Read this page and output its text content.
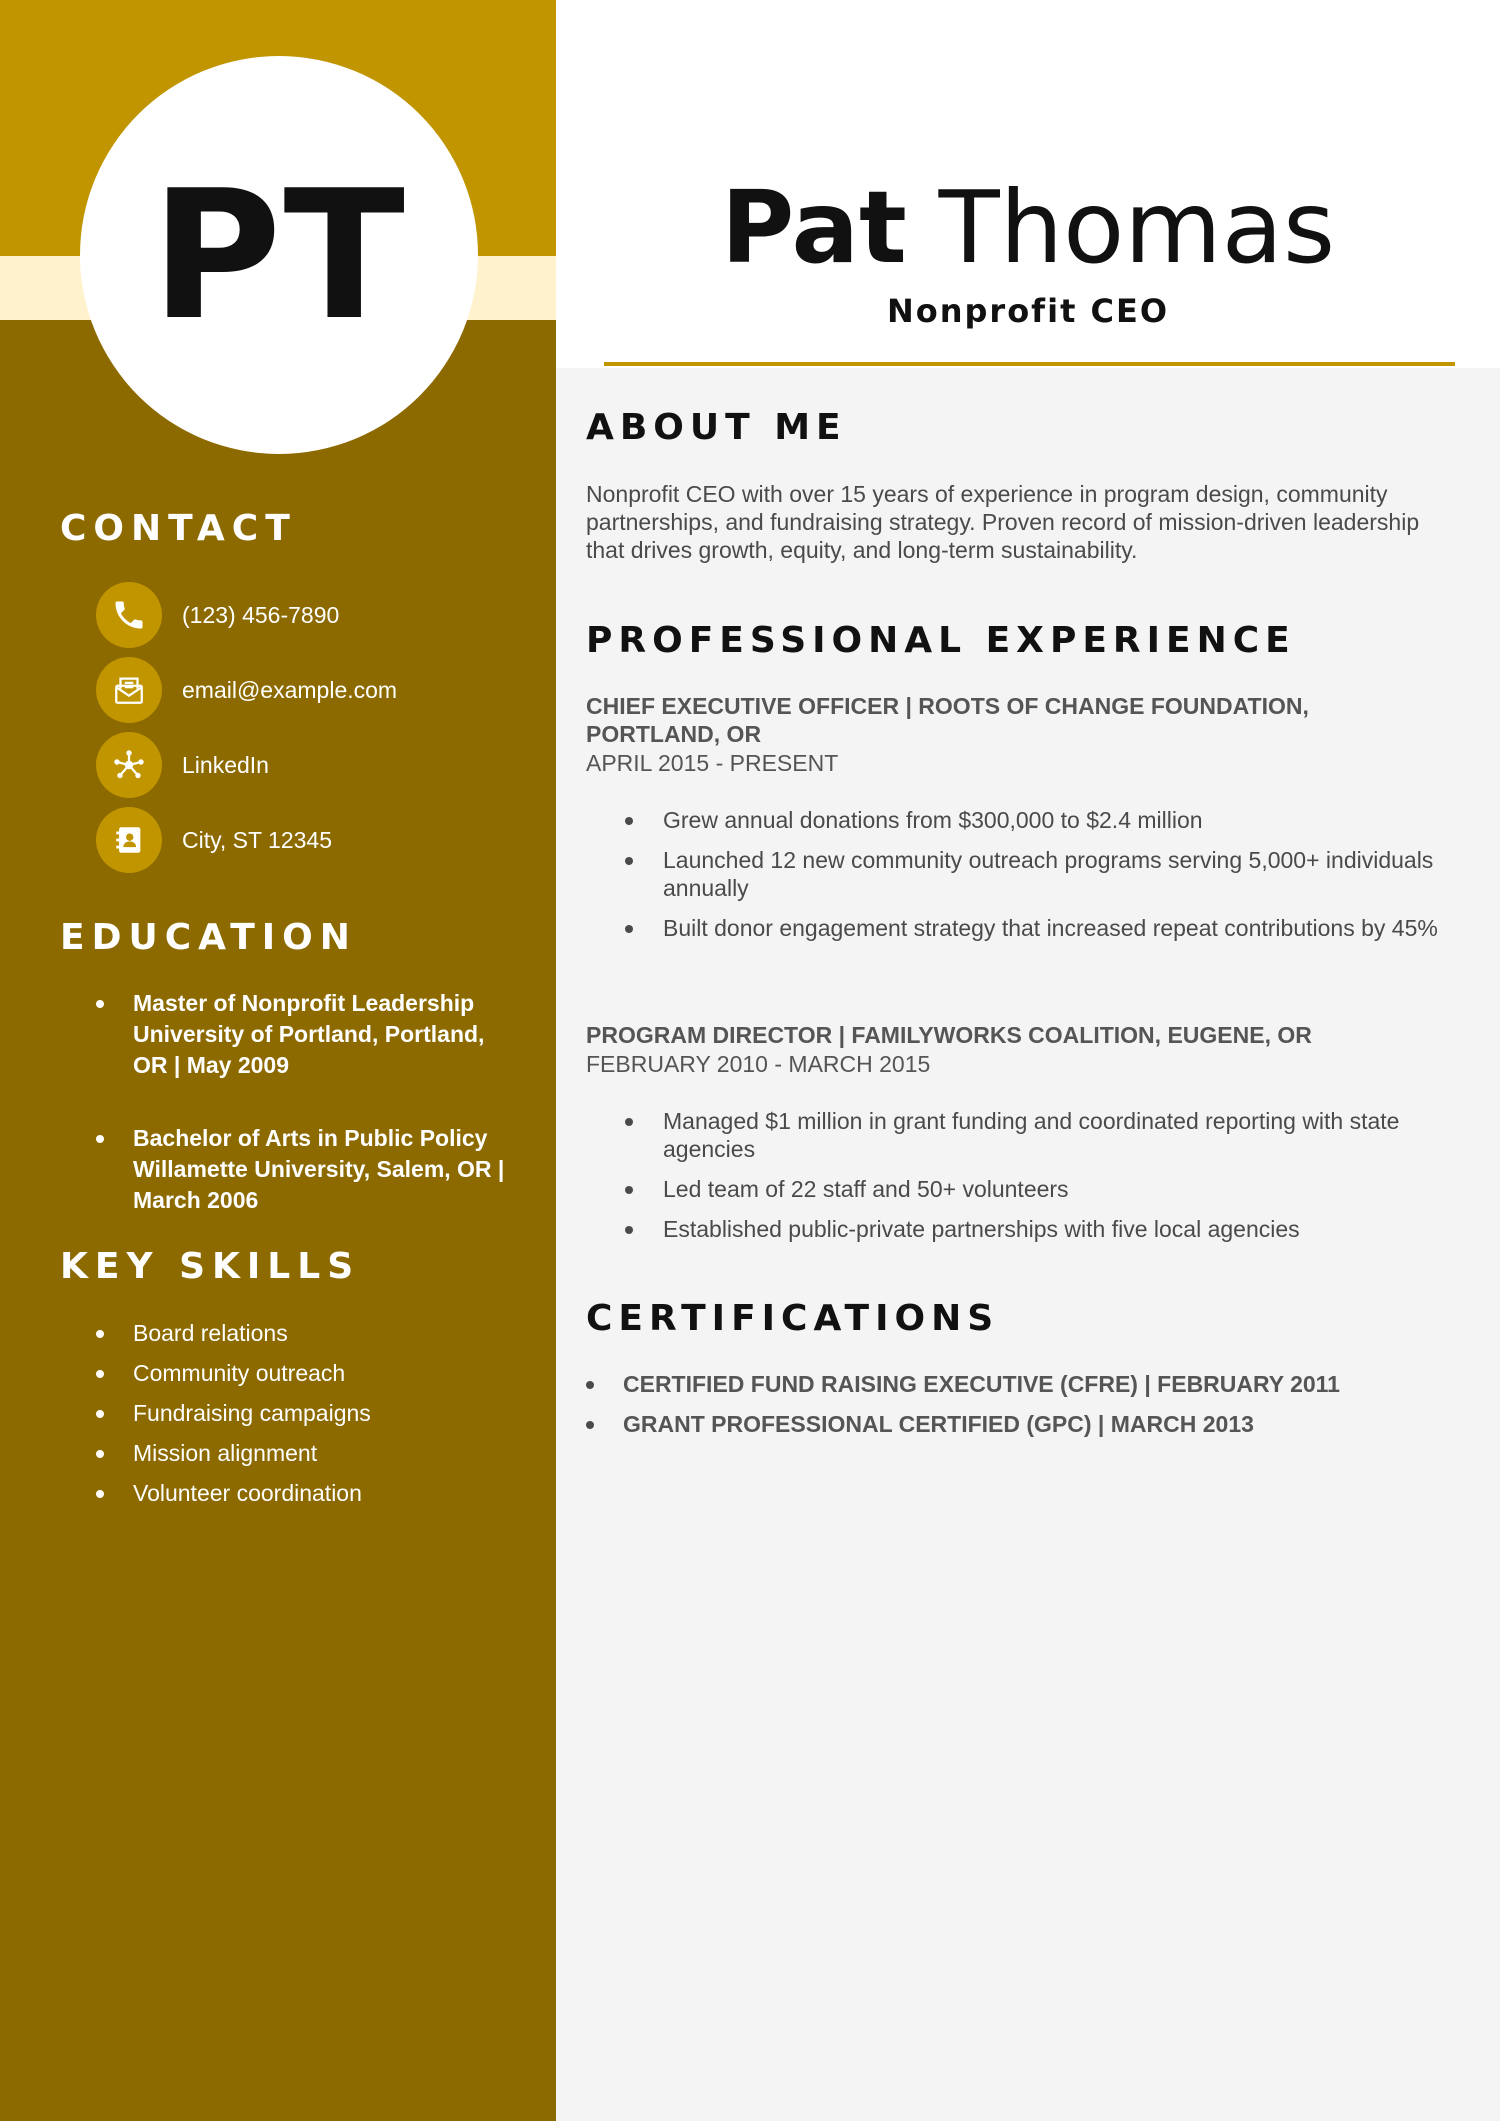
PT
CONTACT
(123) 456-7890
email@example.com
LinkedIn
City, ST 12345
EDUCATION
Master of Nonprofit Leadership University of Portland, Portland, OR | May 2009
Bachelor of Arts in Public Policy Willamette University, Salem, OR | March 2006
KEY SKILLS
Board relations
Community outreach
Fundraising campaigns
Mission alignment
Volunteer coordination
Pat Thomas
Nonprofit CEO
ABOUT ME

Nonprofit CEO with over 15 years of experience in program design, community partnerships, and fundraising strategy. Proven record of mission-driven leadership that drives growth, equity, and long-term sustainability.

PROFESSIONAL EXPERIENCE
CHIEF EXECUTIVE OFFICER | ROOTS OF CHANGE FOUNDATION, PORTLAND, OR
APRIL 2015 - PRESENT
Grew annual donations from $300,000 to $2.4 million
Launched 12 new community outreach programs serving 5,000+ individuals annually
Built donor engagement strategy that increased repeat contributions by 45%
PROGRAM DIRECTOR | FAMILYWORKS COALITION, EUGENE, OR
FEBRUARY 2010 - MARCH 2015
Managed $1 million in grant funding and coordinated reporting with state agencies
Led team of 22 staff and 50+ volunteers
Established public-private partnerships with five local agencies
CERTIFICATIONS
CERTIFIED FUND RAISING EXECUTIVE (CFRE) | FEBRUARY 2011
GRANT PROFESSIONAL CERTIFIED (GPC) | MARCH 2013
